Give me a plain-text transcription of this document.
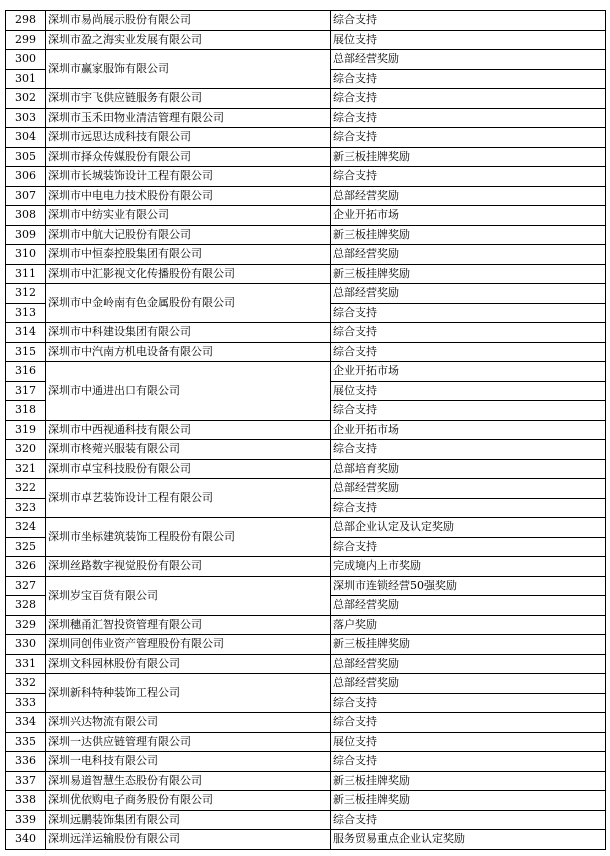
298	深圳市易尚展示股份有限公司	综合支持
299	深圳市盈之海实业发展有限公司	展位支持
300	深圳市赢家服饰有限公司	总部经营奖励
301		综合支持
302	深圳市宇飞供应链服务有限公司	综合支持
303	深圳市玉禾田物业清洁管理有限公司	综合支持
304	深圳市远思达成科技有限公司	综合支持
305	深圳市择众传媒股份有限公司	新三板挂牌奖励
306	深圳市长城装饰设计工程有限公司	综合支持
307	深圳市中电电力技术股份有限公司	总部经营奖励
308	深圳市中纺实业有限公司	企业开拓市场
309	深圳市中航大记股份有限公司	新三板挂牌奖励
310	深圳市中恒泰控股集团有限公司	总部经营奖励
311	深圳市中汇影视文化传播股份有限公司	新三板挂牌奖励
312	深圳市中金岭南有色金属股份有限公司	总部经营奖励
313		综合支持
314	深圳市中科建设集团有限公司	综合支持
315	深圳市中汽南方机电设备有限公司	综合支持
316	深圳市中通进出口有限公司	企业开拓市场
317		展位支持
318		综合支持
319	深圳市中西视通科技有限公司	企业开拓市场
320	深圳市柊菀兴服装有限公司	综合支持
321	深圳市卓宝科技股份有限公司	总部培育奖励
322	深圳市卓艺装饰设计工程有限公司	总部经营奖励
323		综合支持
324	深圳市坐标建筑装饰工程股份有限公司	总部企业认定及认定奖励
325		综合支持
326	深圳丝路数字视觉股份有限公司	完成境内上市奖励
327	深圳岁宝百货有限公司	深圳市连锁经营50强奖励
328		总部经营奖励
329	深圳穗甬汇智投资管理有限公司	落户奖励
330	深圳同创伟业资产管理股份有限公司	新三板挂牌奖励
331	深圳文科园林股份有限公司	总部经营奖励
332	深圳新科特种装饰工程公司	总部经营奖励
333		综合支持
334	深圳兴达物流有限公司	综合支持
335	深圳一达供应链管理有限公司	展位支持
336	深圳一电科技有限公司	综合支持
337	深圳易道智慧生态股份有限公司	新三板挂牌奖励
338	深圳优依购电子商务股份有限公司	新三板挂牌奖励
339	深圳远鹏装饰集团有限公司	综合支持
340	深圳远洋运输股份有限公司	服务贸易重点企业认定奖励
